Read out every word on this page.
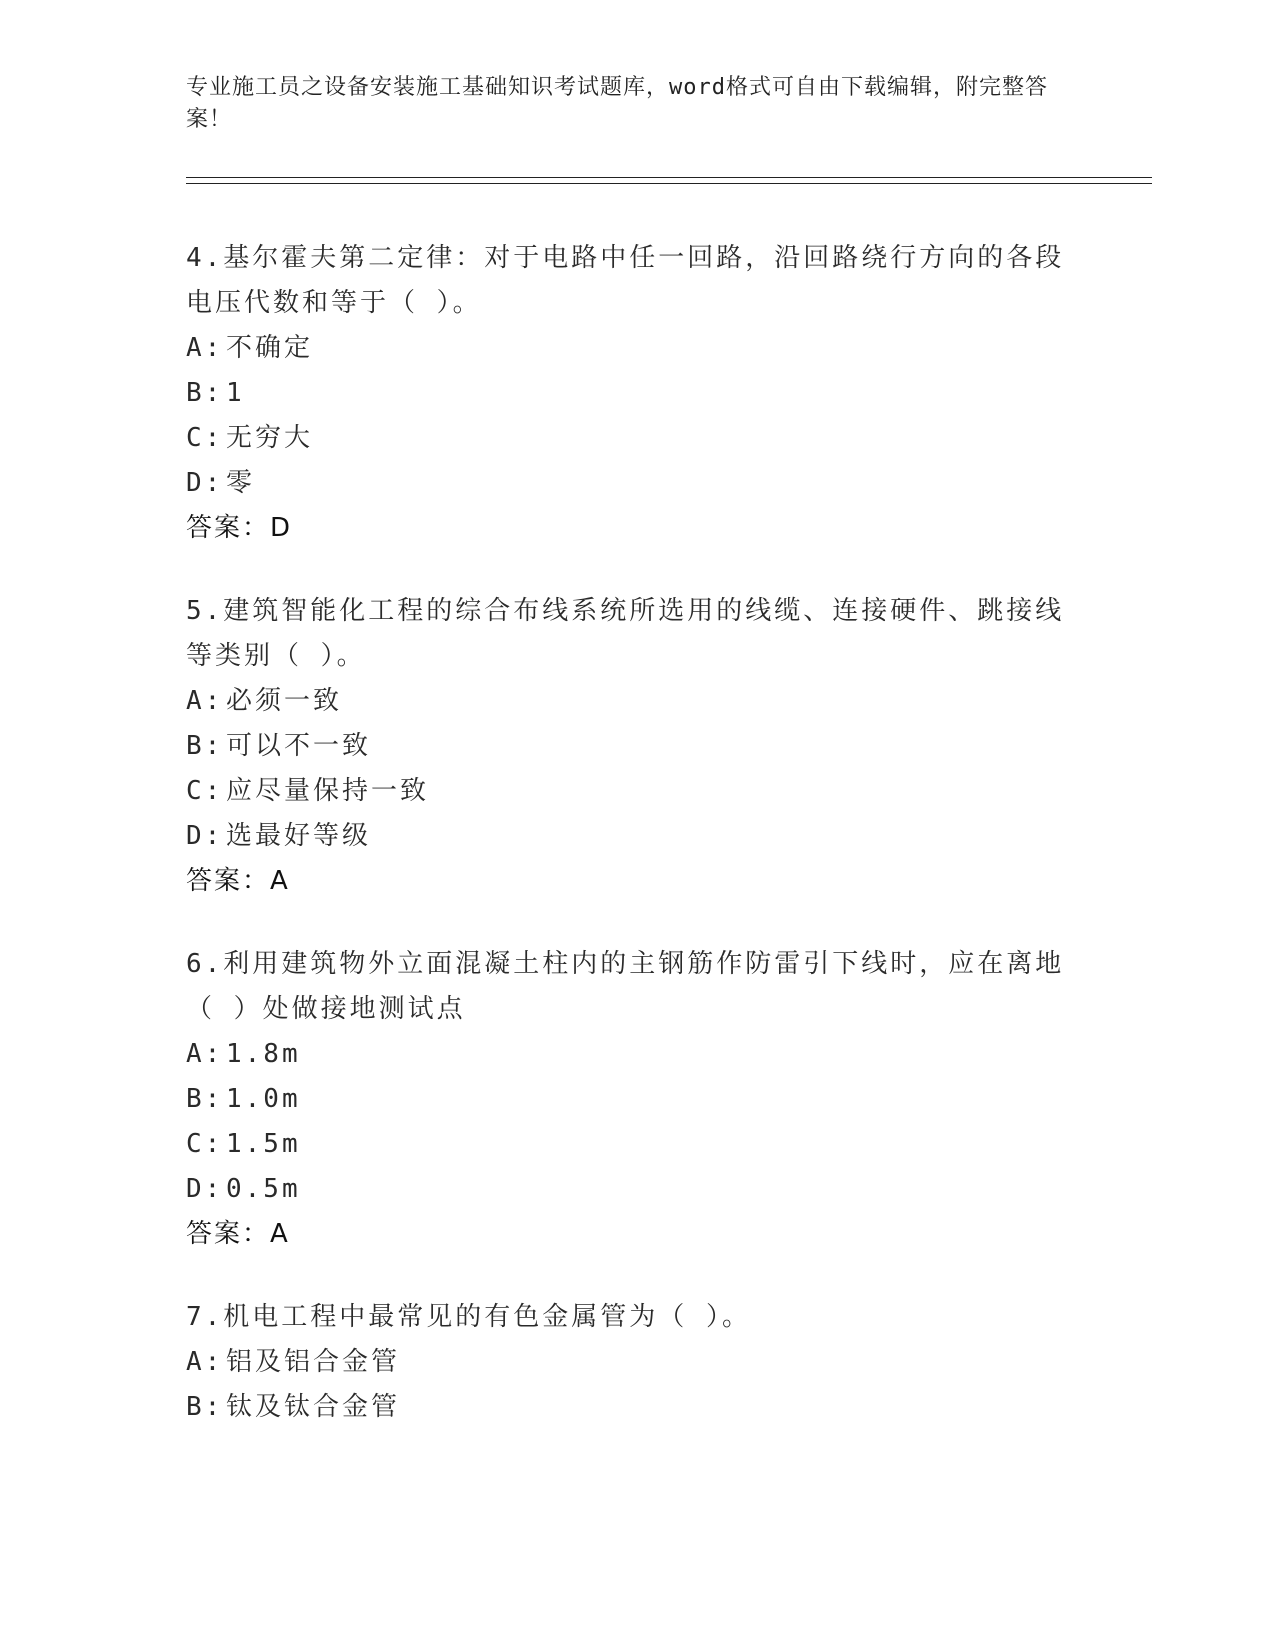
专业施工员之设备安装施工基础知识考试题库，word格式可自由下载编辑，附完整答案！
4.基尔霍夫第二定律：对于电路中任一回路，沿回路绕行方向的各段电压代数和等于（ ）。
A: 不确定
B: 1
C: 无穷大
D: 零
答案：D
5.建筑智能化工程的综合布线系统所选用的线缆、连接硬件、跳接线等类别（ ）。
A: 必须一致
B: 可以不一致
C: 应尽量保持一致
D: 选最好等级
答案：A
6.利用建筑物外立面混凝土柱内的主钢筋作防雷引下线时，应在离地（ ）处做接地测试点
A: 1.8m
B: 1.0m
C: 1.5m
D: 0.5m
答案：A
7.机电工程中最常见的有色金属管为（ ）。
A: 铝及铝合金管
B: 钛及钛合金管
